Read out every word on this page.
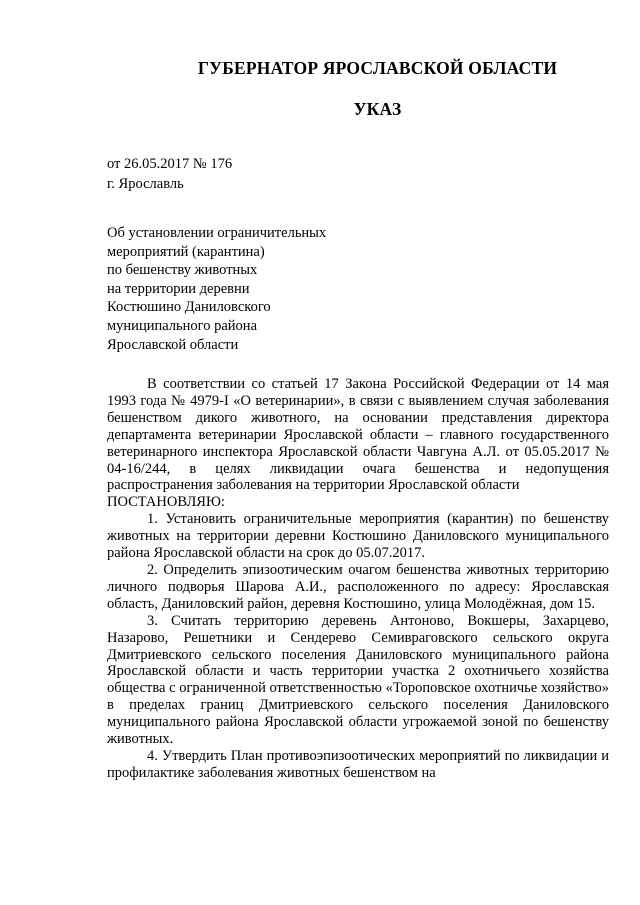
ГУБЕРНАТОР ЯРОСЛАВСКОЙ ОБЛАСТИ
УКАЗ
от 26.05.2017 № 176
г. Ярославль
Об установлении ограничительных
мероприятий (карантина)
по бешенству животных
на территории деревни
Костюшино Даниловского
муниципального района
Ярославской области

В соответствии со статьей 17 Закона Российской Федерации от 14 мая 1993 года № 4979-I «О ветеринарии», в связи с выявлением случая заболевания бешенством дикого животного, на основании представления директора департамента ветеринарии Ярославской области – главного государственного ветеринарного инспектора Ярославской области Чавгуна А.Л. от 05.05.2017 № 04-16/244, в целях ликвидации очага бешенства и недопущения распространения заболевания на территории Ярославской области

ПОСТАНОВЛЯЮ:

1. Установить ограничительные мероприятия (карантин) по бешенству животных на территории деревни Костюшино Даниловского муниципального района Ярославской области на срок до 05.07.2017.

2. Определить эпизоотическим очагом бешенства животных территорию личного подворья Шарова А.И., расположенного по адресу: Ярославская область, Даниловский район, деревня Костюшино, улица Молодёжная, дом 15.

3. Считать территорию деревень Антоново, Вокшеры, Захарцево, Назарово, Решетники и Сендерево Семивраговского сельского округа Дмитриевского сельского поселения Даниловского муниципального района Ярославской области и часть территории участка 2 охотничьего хозяйства общества с ограниченной ответственностью «Тороповское охотничье хозяйство» в пределах границ Дмитриевского сельского поселения Даниловского муниципального района Ярославской области угрожаемой зоной по бешенству животных.

4. Утвердить План противоэпизоотических мероприятий по ликвидации и профилактике заболевания животных бешенством на
